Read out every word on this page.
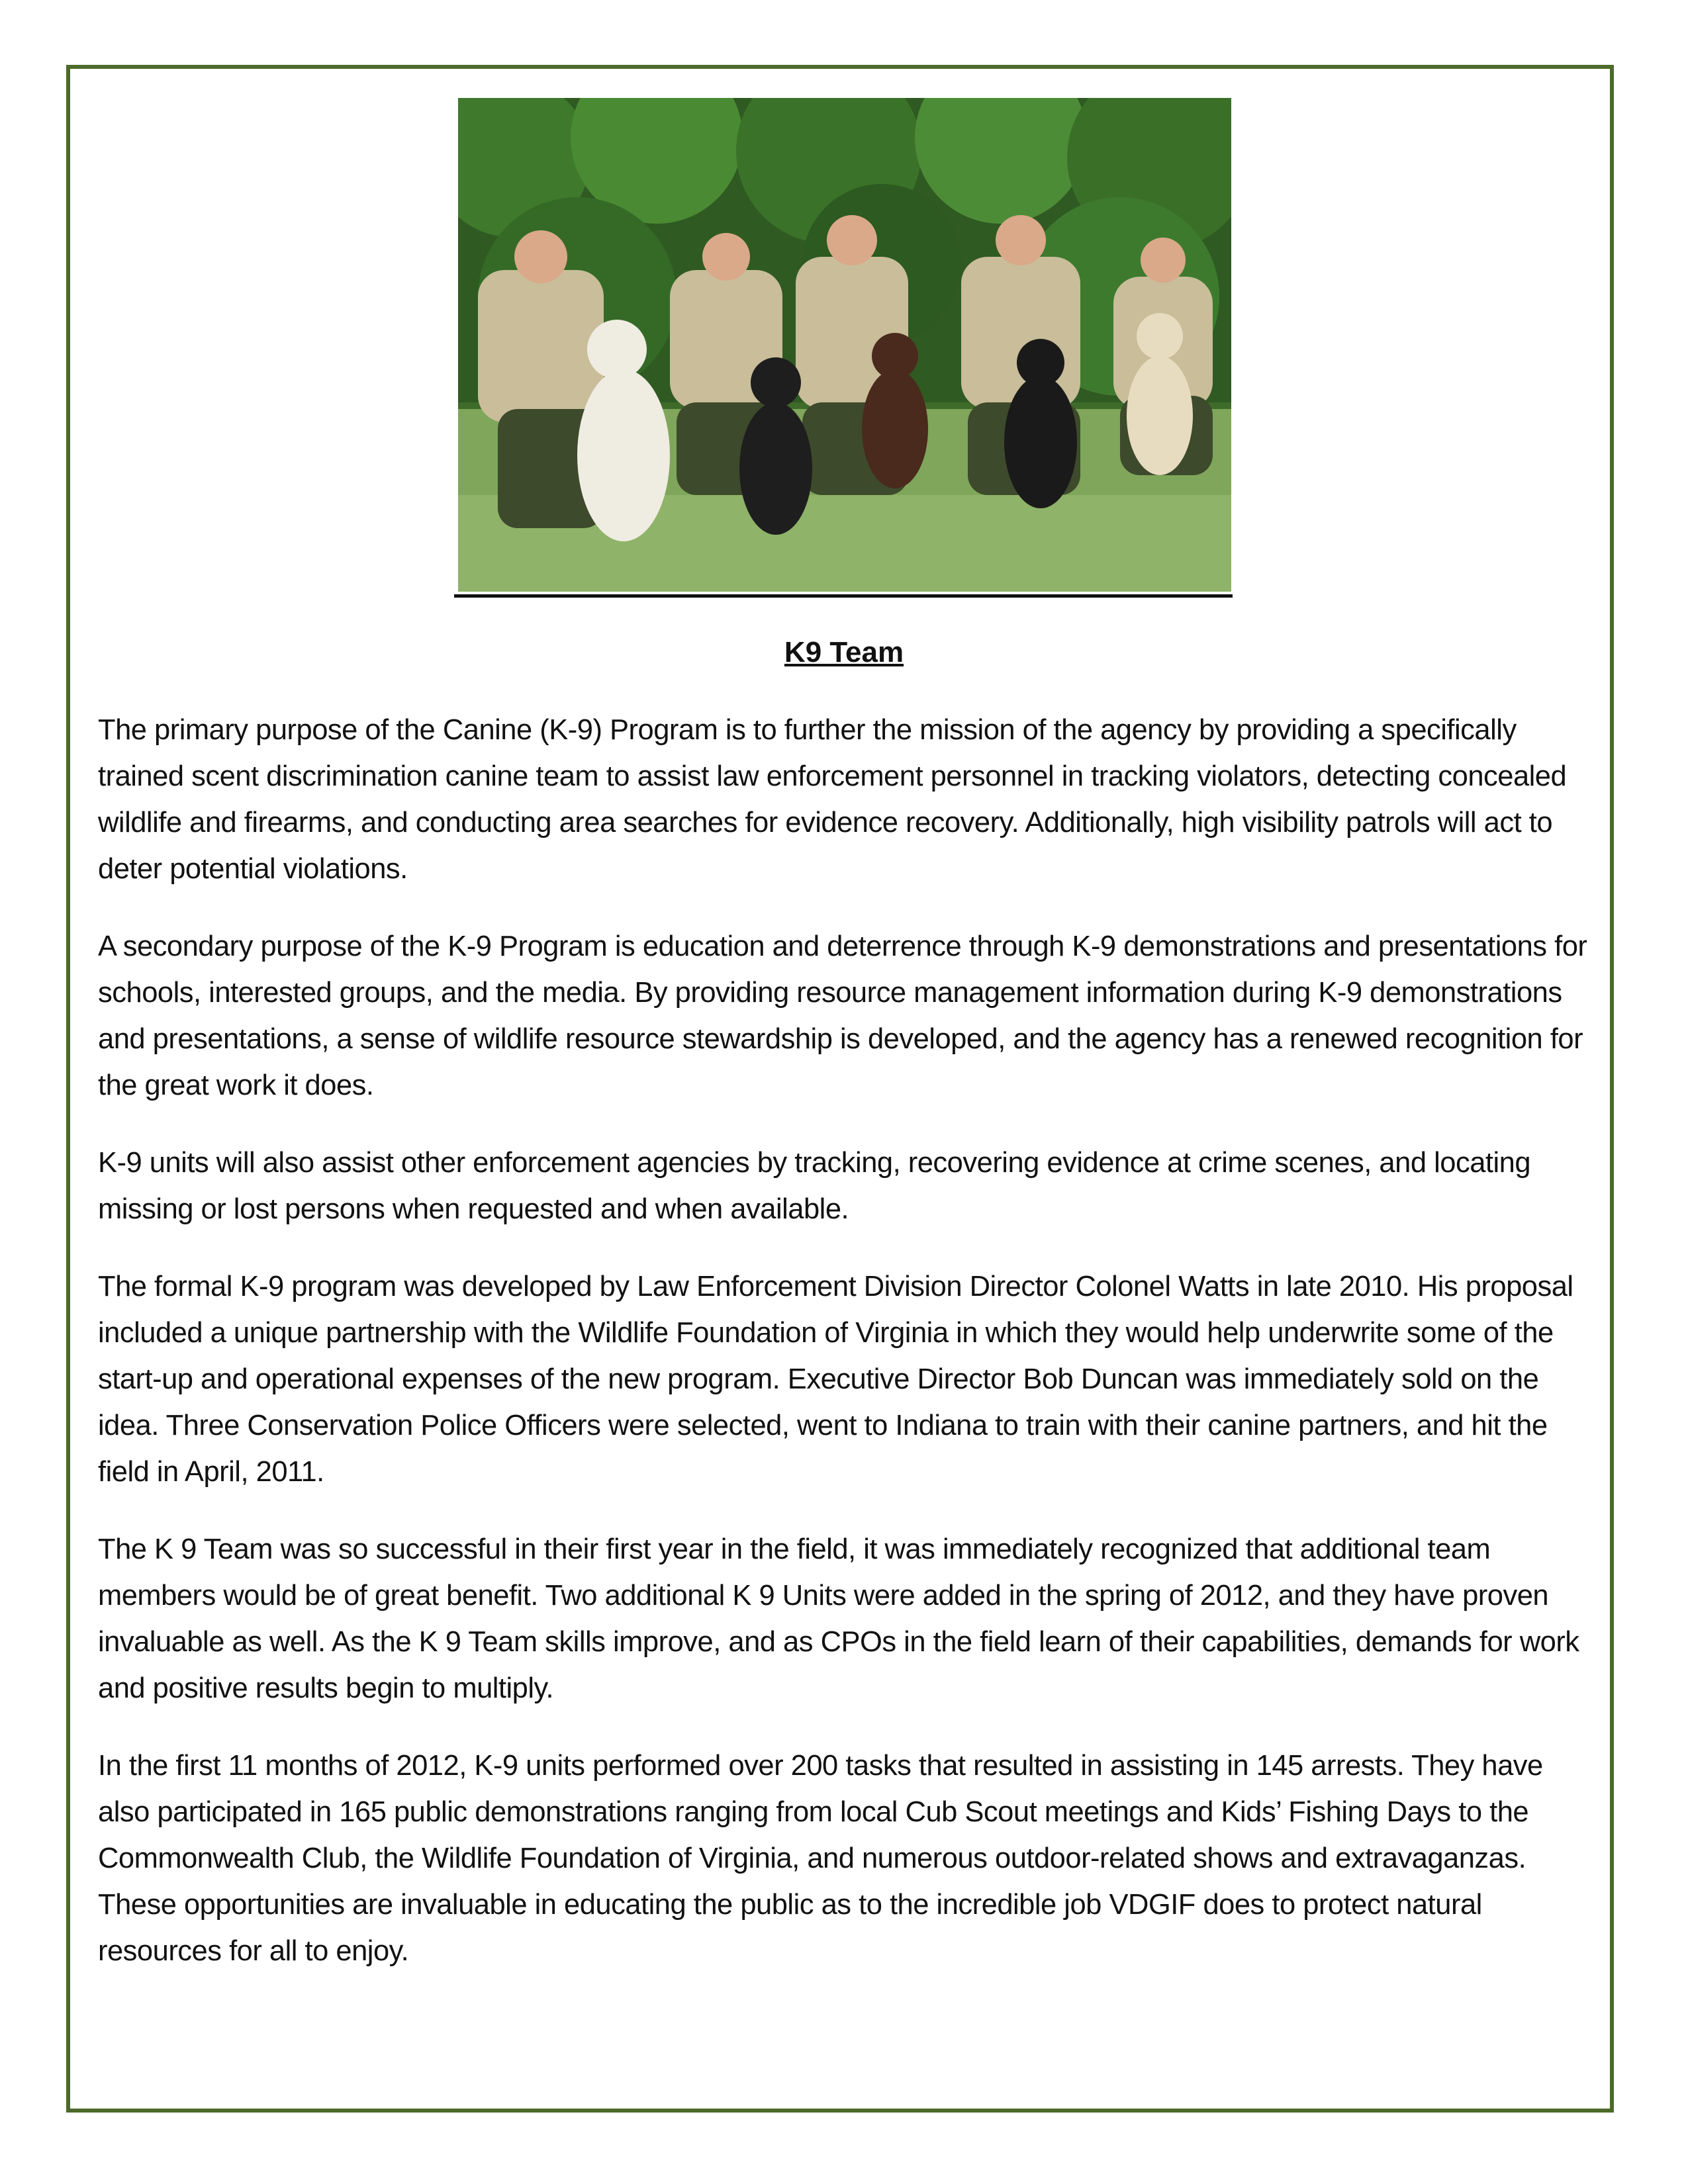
K9 Team

The primary purpose of the Canine (K-9) Program is to further the mission of the agency by providing a specifically trained scent discrimination canine team to assist law enforcement personnel in tracking violators, detecting concealed wildlife and firearms, and conducting area searches for evidence recovery. Additionally, high visibility patrols will act to deter potential violations.

A secondary purpose of the K-9 Program is education and deterrence through K-9 demonstrations and presentations for schools, interested groups, and the media. By providing resource management information during K-9 demonstrations and presentations, a sense of wildlife resource stewardship is developed, and the agency has a renewed recognition for the great work it does.

K-9 units will also assist other enforcement agencies by tracking, recovering evidence at crime scenes, and locating missing or lost persons when requested and when available.

The formal K-9 program was developed by Law Enforcement Division Director Colonel Watts in late 2010. His proposal included a unique partnership with the Wildlife Foundation of Virginia in which they would help underwrite some of the start-up and operational expenses of the new program. Executive Director Bob Duncan was immediately sold on the idea. Three Conservation Police Officers were selected, went to Indiana to train with their canine partners, and hit the field in April, 2011.

The K 9 Team was so successful in their first year in the field, it was immediately recognized that additional team members would be of great benefit. Two additional K 9 Units were added in the spring of 2012, and they have proven invaluable as well. As the K 9 Team skills improve, and as CPOs in the field learn of their capabilities, demands for work and positive results begin to multiply.

In the first 11 months of 2012, K-9 units performed over 200 tasks that resulted in assisting in 145 arrests. They have also participated in 165 public demonstrations ranging from local Cub Scout meetings and Kids’ Fishing Days to the Commonwealth Club, the Wildlife Foundation of Virginia, and numerous outdoor-related shows and extravaganzas. These opportunities are invaluable in educating the public as to the incredible job VDGIF does to protect natural resources for all to enjoy.
